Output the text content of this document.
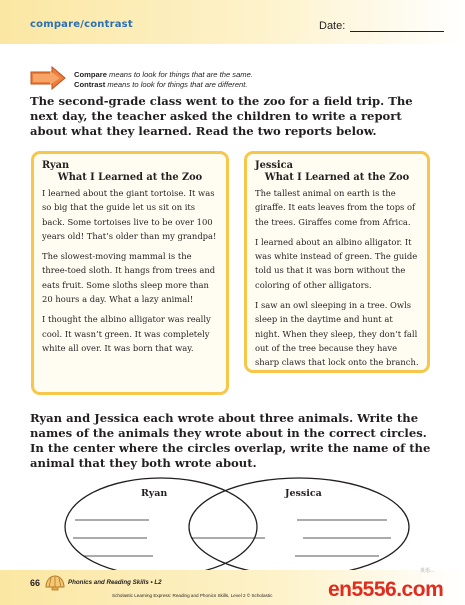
compare/contrast	Date:
Compare means to look for things that are the same.
Contrast means to look for things that are different.
The second-grade class went to the zoo for a field trip. The next day, the teacher asked the children to write a report about what they learned. Read the two reports below.
Ryan
What I Learned at the Zoo

I learned about the giant tortoise. It was so big that the guide let us sit on its back. Some tortoises live to be over 100 years old! That’s older than my grandpa!

The slowest-moving mammal is the three-toed sloth. It hangs from trees and eats fruit. Some sloths sleep more than 20 hours a day. What a lazy animal!

I thought the albino alligator was really cool. It wasn’t green. It was completely white all over. It was born that way.

Jessica
What I Learned at the Zoo

The tallest animal on earth is the giraffe. It eats leaves from the tops of the trees. Giraffes come from Africa.

I learned about an albino alligator. It was white instead of green. The guide told us that it was born without the coloring of other alligators.

I saw an owl sleeping in a tree. Owls sleep in the daytime and hunt at night. When they sleep, they don’t fall out of the tree because they have sharp claws that lock onto the branch.

Ryan and Jessica each wrote about three animals. Write the names of the animals they wrote about in the correct circles. In the center where the circles overlap, write the name of the animal that they both wrote about.
Ryan	Jessica
66	Phonics and Reading Skills • L2
Scholastic Learning Express: Reading and Phonics Skills, Level 2 © Scholastic
英语...
en5556.com
